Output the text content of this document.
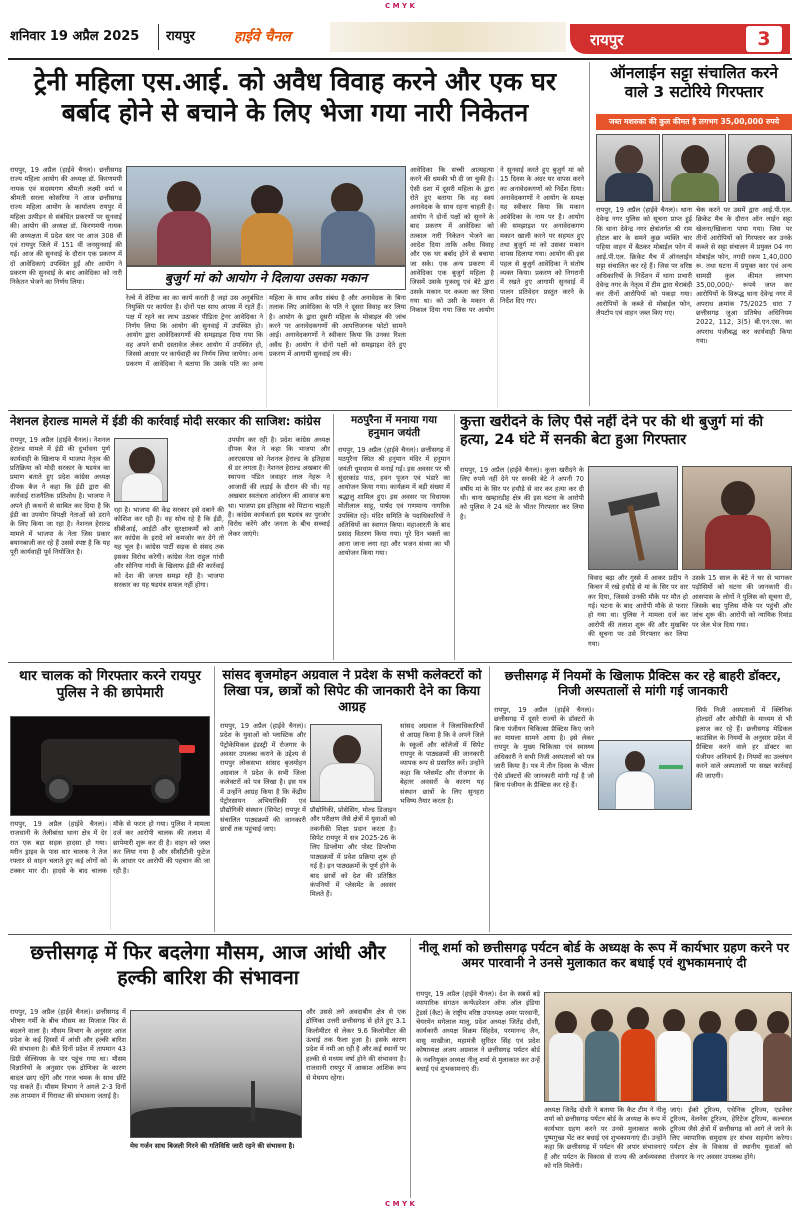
C M Y K
C M Y K
शनिवार 19 अप्रैल 2025	रायपुर	हाईवे चैनल	रायपुर	3
ट्रेनी महिला एस.आई. को अवैध विवाह करने और एक घर बर्बाद होने से बचाने के लिए भेजा गया नारी निकेतन
बुजुर्ग मां को आयोग ने दिलाया उसका मकान
रायपुर, 19 अप्रैल (हाईवे चैनल)। छत्तीसगढ़ राज्य महिला आयोग की अध्यक्ष डॉ. किरणमयी नायक एवं सदस्यगण श्रीमती लक्ष्मी वर्मा व श्रीमती सरला कोसरिया ने आज छत्तीसगढ़ राज्य महिला आयोग के कार्यालय रायपुर में महिला उत्पीड़न से संबंधित प्रकरणों पर सुनवाई की। आयोग की अध्यक्ष डॉ. किरणमयी नायक की अध्यक्षता में प्रदेश स्तर पर आज 308 वीं एवं रायपुर जिले में 151 वीं जनसुनवाई की गई। आज की सुनवाई के दौरान एक प्रकरण में दो आवेदिकाएं उपस्थित हुईं और आयोग ने प्रकरण की सुनवाई के बाद आवेदिका को नारी निकेतन भेजने का निर्णय लिया।
रेल्वे में वेटिंग्स का का कार्य करती है जहां उस अनुबंधित नियुक्ति पर कार्यरत है। दोनों पक्ष साथ आपस में रहते हैं। पक्ष में रहने का लाभ उठाकर पीडिता ट्रेनर आवेदिका ने निर्णय लिया कि आयोग की सुनवाई में उपस्थित हो। आयोग द्वारा आवेदिकागणों की समझाइश दिया गया कि वह अपने सभी दस्तावेज लेकर आयोग में उपस्थित हो, जिससे आधार पर कार्यवाही का निर्णय लिया जायेगा। अन्य प्रकरण में आवेदिका ने बताया कि उसके पति का अन्य महिला के साथ अवैध संबंध है और अनावेदक के बिना तलाक लिए आवेदिका के पति ने दूसरा विवाह कर लिया है। आयोग के द्वारा दूसरी महिला के मोबाइल की जांच करने पर अनावेदकगणों की आपत्तिजनक फोटो सामने आई। अनावेदकगणों ने स्वीकार किया कि उनका रिश्ता अवैध है। आयोग ने दोनों पक्षों को समझाइश देते हुए प्रकरण में आगामी सुनवाई तय की।
आवेदिका कि सच्ची आत्महत्या करने की धमकी भी दी जा चुकी है। ऐसी दशा में दूसरी महिला के द्वारा रोते हुए बताया कि वह स्वयं अनावेदक के साथ रहना चाहती है। आयोग ने दोनों पक्षों को सुनने के बाद प्रकरण में आवेदिका को तत्काल नारी निकेतन भेजने का आदेश दिया ताकि अवैध विवाह और एक घर बर्बाद होने से बचाया जा सके। एक अन्य प्रकरण में आवेदिका एक बुजुर्ग महिला है जिसमें उसके पुत्रवधु एवं बेटे द्वारा उसके मकान पर कब्जा कर लिया गया था। को उसी के मकान से निकाल दिया गया जिस पर आयोग ने सुनवाई करते हुए बुजुर्ग मां को 15 दिवस के अंदर घर वापस करने का अनावेदकगणों को निर्देश दिया। अनावेदकगणों ने आयोग के समक्ष यह स्वीकार किया कि मकान आवेदिका के नाम पर है। आयोग की समझाइश पर अनावेदकगण मकान खाली करने पर सहमत हुए तथा बुजुर्ग मां को उसका मकान वापस दिलाया गया। आयोग की इस पहल से बुजुर्ग आवेदिका ने संतोष व्यक्त किया। प्रकरण को निगरानी में रखते हुए आगामी सुनवाई में पालन प्रतिवेदन प्रस्तुत करने के निर्देश दिए गए।
ऑनलाईन सट्टा संचालित करने वाले 3 सटोरिये गिरफ्तार
जब्त मशरुका की कुल कीमत है लगभग 35,00,000 रुपये
रायपुर, 19 अप्रैल (हाईवे चैनल)। थाना देवेन्द्र नगर पुलिस को सूचना प्राप्त हुई कि थाना देवेन्द्र नगर क्षेत्रांतर्गत श्री राम होटल बार के समने कुछ व्यक्ति चार पहिया वाहन में बैठकर मोबाईल फोन में आई.पी.एल. क्रिकेट मैच में ऑनलाईन सट्टा संचालित कर रहे हैं। जिस पर वरिष्ठ अधिकारियों के निर्देशन में थाना प्रभारी देवेन्द्र नगर के नेतृत्व में टीम द्वारा घेराबंदी कर तीनों आरोपियों को पकड़ा गया। आरोपियों के कब्जे से मोबाईल फोन, लैपटॉप एवं वाहन जब्त किए गए।
चेक करने पर उसमें द्वारा आई.पी.एल. क्रिकेट मैच के दौरान ऑन लाईन सट्टा खेलना/खिलाना पाया गया। जिस पर तीनों आरोपियों को गिरफ्तार कर उनके कब्जे से सट्टा संचालन में प्रयुक्त 04 नग मोबाईल फोन, नगदी रकम 1,40,000 रू. तथा घटना में प्रयुक्त कार एवं अन्य सामग्री कुल कीमत लगभग 35,00,000/- रूपये जप्त कर आरोपियों के विरूद्ध थाना देवेन्द्र नगर में अपराध क्रमांक 75/2025 धारा 7 छत्तीसगढ़ जुआ प्रतिषेध अधिनियम 2022, 112, 3(5) बी.एन.एस. का अपराध पंजीबद्ध कर कार्यवाही किया गया।
नेशनल हेराल्ड मामले में ईडी की कार्रवाई मोदी सरकार की साजिश: कांग्रेस
रायपुर, 19 अप्रैल (हाईवे चैनल)। नेशनल हेराल्ड मामले में ईडी की दुर्भावना पूर्ण कार्यवाही के खिलाफ में भाजपा नेतृत्व की प्रतिक्रिया को मोदी सरकार के षडयंत्र का प्रमाण बताते हुए प्रदेश कांग्रेस अध्यक्ष दीपक बैज ने कहा कि ईडी द्वारा की कार्रवाई राजनैतिक प्रतिशोध है। भाजपा ने अपने ही कथनों से साबित कर दिया है कि ईडी का उपयोग विपक्षी नेताओं को डराने के लिए किया जा रहा है। नेशनल हेराल्ड मामले में भाजपा के नेता जिस प्रकार बयानबाजी कर रहे हैं उससे स्पष्ट है कि यह पूरी कार्यवाही पूर्व नियोजित है।
रहा है। भाजपा की केंद्र सरकार इसे दबाने की कोशिश कर रही है। वह सोच रहे है कि ईडी, सीबीआई, आईटी और सुरक्षाकर्मों को आगे कर कांग्रेस के इरादे को कमजोर कर देगे तो यह भूल है। कांग्रेस पार्टी सड़क से संसद तक इसका विरोध करेगी। कांग्रेस नेता राहुल गांधी और सोनिया गांधी के खिलाफ ईडी की कार्रवाई को देश की जनता समझ रही है। भाजपा सरकार का यह षडयंत्र सफल नहीं होगा।
उपयोग कर रही है। प्रदेश कांग्रेस अध्यक्ष दीपक बैज ने कहा कि भाजपा और आरएसएस को नेशनल हेराल्ड के इतिहास से डर लगता है। नेशनल हेराल्ड अखबार की स्थापना पंडित जवाहर लाल नेहरू ने आजादी की लड़ाई के दौरान की थी। यह अखबार स्वतंत्रता आंदोलन की आवाज बना था। भाजपा इस इतिहास को मिटाना चाहती है। कांग्रेस कार्यकर्ता इस षडयंत्र का पुरजोर विरोध करेंगे और जनता के बीच सच्चाई लेकर जाएंगे।
मठपुरैना में मनाया गया हनुमान जयंती
रायपुर, 19 अप्रैल (हाईवे चैनल)। छत्तीसगढ़ में मठपुरैना स्थित श्री हनुमान मंदिर में हनुमान जयंती धूमधाम से मनाई गई। इस अवसर पर श्री सुंदरकांड पाठ, हवन पूजन एवं भंडारे का आयोजन किया गया। कार्यक्रम में बड़ी संख्या में श्रद्धालु शामिल हुए। इस अवसर पर विधायक मोतीलाल साहू, पार्षद एवं गणमान्य नागरिक उपस्थित रहे। मंदिर समिति के पदाधिकारियों ने अतिथियों का स्वागत किया। महाआरती के बाद प्रसाद वितरण किया गया। पूरे दिन भक्तों का आना जाना लगा रहा और भजन संध्या का भी आयोजन किया गया।
कुत्ता खरीदने के लिए पैसे नहीं देने पर की थी बुजुर्ग मां की हत्या, 24 घंटे में सनकी बेटा हुआ गिरफ्तार
रायपुर, 19 अप्रैल (हाईवे चैनल)। कुत्ता खरीदने के लिए रुपये नहीं देने पर सनकी बेटे ने अपनी 70 वर्षीय मां के सिर पर हथौड़े से वार कर हत्या कर दी थी। थाना खम्हारडीह क्षेत्र की इस घटना के आरोपी को पुलिस ने 24 घंटे के भीतर गिरफ्तार कर लिया है।
विवाद बढ़ा और गुस्से में आकर प्रदीप ने किचन में रखे हथौड़े से मां के सिर पर वार कर दिया, जिससे उनकी मौके पर मौत हो गई। घटना के बाद आरोपी मौके से फरार हो गया था। पुलिस ने मामला दर्ज कर आरोपी की तलाश शुरू की और मुखबिर की सूचना पर उसे गिरफ्तार कर लिया गया।
उसके 15 साल के बेटे ने घर से भागकर पड़ोसियों को घटना की जानकारी दी। आसपास के लोगों ने पुलिस को सूचना दी, जिसके बाद पुलिस मौके पर पहुंची और जांच शुरू की। आरोपी को न्यायिक रिमांड पर जेल भेज दिया गया।
थार चालक को गिरफ्तार करने रायपुर पुलिस ने की छापेमारी
रायपुर, 19 अप्रैल (हाईवे चैनल)। राजधानी के तेलीबांधा थाना क्षेत्र में देर रात एक बड़ा सड़क हादसा हो गया। मरीन ड्राइव के पास थार चालक ने तेज रफ्तार से वाहन चलाते हुए कई लोगों को टक्कर मार दी। हादसे के बाद चालक मौके से फरार हो गया। पुलिस ने मामला दर्ज कर आरोपी चालक की तलाश में छापेमारी शुरू कर दी है। वाहन को जब्त कर लिया गया है और सीसीटीवी फुटेज के आधार पर आरोपी की पहचान की जा रही है।
सांसद बृजमोहन अग्रवाल ने प्रदेश के सभी कलेक्टरों को लिखा पत्र, छात्रों को सिपेट की जानकारी देने का किया आग्रह
रायपुर, 19 अप्रैल (हाईवे चैनल)। प्रदेश के युवाओं को प्लास्टिक और पेट्रोकेमिकल इंडस्ट्री में रोजगार के अवसर उपलब्ध कराने के उद्देश्य से रायपुर लोकसभा सांसद बृजमोहन अग्रवाल ने प्रदेश के सभी जिला कलेक्टरों को पत्र लिखा है। इस पत्र में उन्होंने आग्रह किया है कि केंद्रीय पेट्रोरसायन अभियांत्रिकी एवं प्रौद्योगिकी संस्थान (सिपेट) रायपुर में संचालित पाठ्यक्रमों की जानकारी छात्रों तक पहुंचाई जाए।
प्रौद्योगिकी, प्रोसेसिंग, मोल्ड डिजाइन और परीक्षण जैसे क्षेत्रों में युवाओं को तकनीकी शिक्षा प्रदान करता है। सिपेट रायपुर में सत्र 2025-26 के लिए डिप्लोमा और पोस्ट डिप्लोमा पाठ्यक्रमों में प्रवेश प्रक्रिया शुरू हो गई है। इन पाठ्यक्रमों के पूर्ण होने के बाद छात्रों को देश की प्रतिष्ठित कंपनियों में प्लेसमेंट के अवसर मिलते हैं।
सांसद अग्रवाल ने जिलाधिकारियों से आग्रह किया है कि वे अपने जिले के स्कूलों और कॉलेजों में सिपेट रायपुर के पाठ्यक्रमों की जानकारी व्यापक रूप से प्रसारित करें। उन्होंने कहा कि प्लेसमेंट और रोजगार के बेहतर अवसरों के कारण यह संस्थान छात्रों के लिए सुनहरा भविष्य तैयार करता है।
छत्तीसगढ़ में नियमों के खिलाफ प्रैक्टिस कर रहे बाहरी डॉक्टर, निजी अस्पतालों से मांगी गई जानकारी
रायपुर, 19 अप्रैल (हाईवे चैनल)। छत्तीसगढ़ में दूसरे राज्यों के डॉक्टरों के बिना पंजीयन चिकित्सा प्रैक्टिस किए जाने का मामला सामने आया है। इसे लेकर रायपुर के मुख्य चिकित्सा एवं स्वास्थ्य अधिकारी ने सभी निजी अस्पतालों को पत्र जारी किया है। पत्र में तीन दिवस के भीतर ऐसे डॉक्टरों की जानकारी मांगी गई है जो बिना पंजीयन के प्रैक्टिस कर रहे हैं।
सिर्फ निजी अस्पतालों में क्लिनिक होल्डरों और ओपीडी के माध्यम से भी इलाज कर रहे हैं। छत्तीसगढ़ मेडिकल काउंसिल के नियमों के अनुसार प्रदेश में प्रैक्टिस करने वाले हर डॉक्टर का पंजीयन अनिवार्य है। नियमों का उल्लंघन करने वाले अस्पतालों पर सख्त कार्रवाई की जाएगी।
छत्तीसगढ़ में फिर बदलेगा मौसम, आज आंधी और हल्की बारिश की संभावना
रायपुर, 19 अप्रैल (हाईवे चैनल)। छत्तीसगढ़ में भीषण गर्मी के बीच मौसम का मिजाज फिर से बदलने वाला है। मौसम विभाग के अनुसार आज प्रदेश के कई हिस्सों में आंधी और हल्की बारिश की संभावना है। बीते दिनों प्रदेश में तापमान 43 डिग्री सेल्सियस के पार पहुंच गया था। मौसम विज्ञानियों के अनुसार एक द्रोणिका के कारण बादल छाए रहेंगे और गरज चमक के साथ छींटे पड़ सकते हैं। मौसम विभाग ने अगले 2-3 दिनों तक तापमान में गिरावट की संभावना जताई है।
मेघ गर्जन साथ बिजली गिरने की गतिविधि जारी रहने की संभावना है।
और उससे लगे अवदाबीय क्षेत्र से एक द्रोणिका उत्तरी छत्तीसगढ़ से होते हुए 3.1 किलोमीटर से लेकर 9.6 किलोमीटर की ऊंचाई तक फैला हुआ है। इसके कारण प्रदेश में नमी आ रही है और कई स्थानों पर हल्की से मध्यम वर्षा होने की संभावना है। राजधानी रायपुर में आकाश आंशिक रूप से मेघमय रहेगा।
नीलू शर्मा को छत्तीसगढ़ पर्यटन बोर्ड के अध्यक्ष के रूप में कार्यभार ग्रहण करने पर अमर पारवानी ने उनसे मुलाकात कर बधाई एवं शुभकामनाएं दी
रायपुर, 19 अप्रैल (हाईवे चैनल)। देश के सबसे बड़े व्यापारिक संगठन कन्फेडरेशन ऑफ ऑल इंडिया ट्रेडर्स (कैट) के राष्ट्रीय वरिष्ठ उपाध्यक्ष अमर पारवानी, चेयरमेन मगेलाल मालू, प्रदेश अध्यक्ष जितेंद्र दोशी, कार्यकारी अध्यक्ष विक्रम सिंहदेव, परमानन्द जैन, वासु माखीजा, महामंत्री सुरिंदर सिंह एवं प्रदेश कोषाध्यक्ष अजय अग्रवाल ने छत्तीसगढ़ पर्यटन बोर्ड के नवनियुक्त अध्यक्ष नीलू शर्मा से मुलाकात कर उन्हें बधाई एवं शुभकामनाएं दी।
अध्यक्ष जितेंद्र दोशी ने बताया कि कैट टीम ने नीलू शर्मा को छत्तीसगढ़ पर्यटन बोर्ड के अध्यक्ष के रूप में कार्यभार ग्रहण करने पर उनसे मुलाकात करके पुष्पगुच्छ भेंट कर बधाई एवं शुभकामनाएं दी। उन्होंने कहा कि छत्तीसगढ़ में पर्यटन की अपार संभावनाएं हैं और पर्यटन के विकास से राज्य की अर्थव्यवस्था को गति मिलेगी।
जाएं। ईको टूरिज्म, एथेनिक टूरिज्म, एडवेंचर टूरिज्म, वेलनेस टूरिज्म, हेरिटेज टूरिज्म, कल्चरल टूरिज्म जैसे क्षेत्रों में छत्तीसगढ़ को आगे ले जाने के लिए व्यापारिक समुदाय हर संभव सहयोग करेगा। पर्यटन क्षेत्र के विकास से स्थानीय युवाओं को रोजगार के नए अवसर उपलब्ध होंगे।
